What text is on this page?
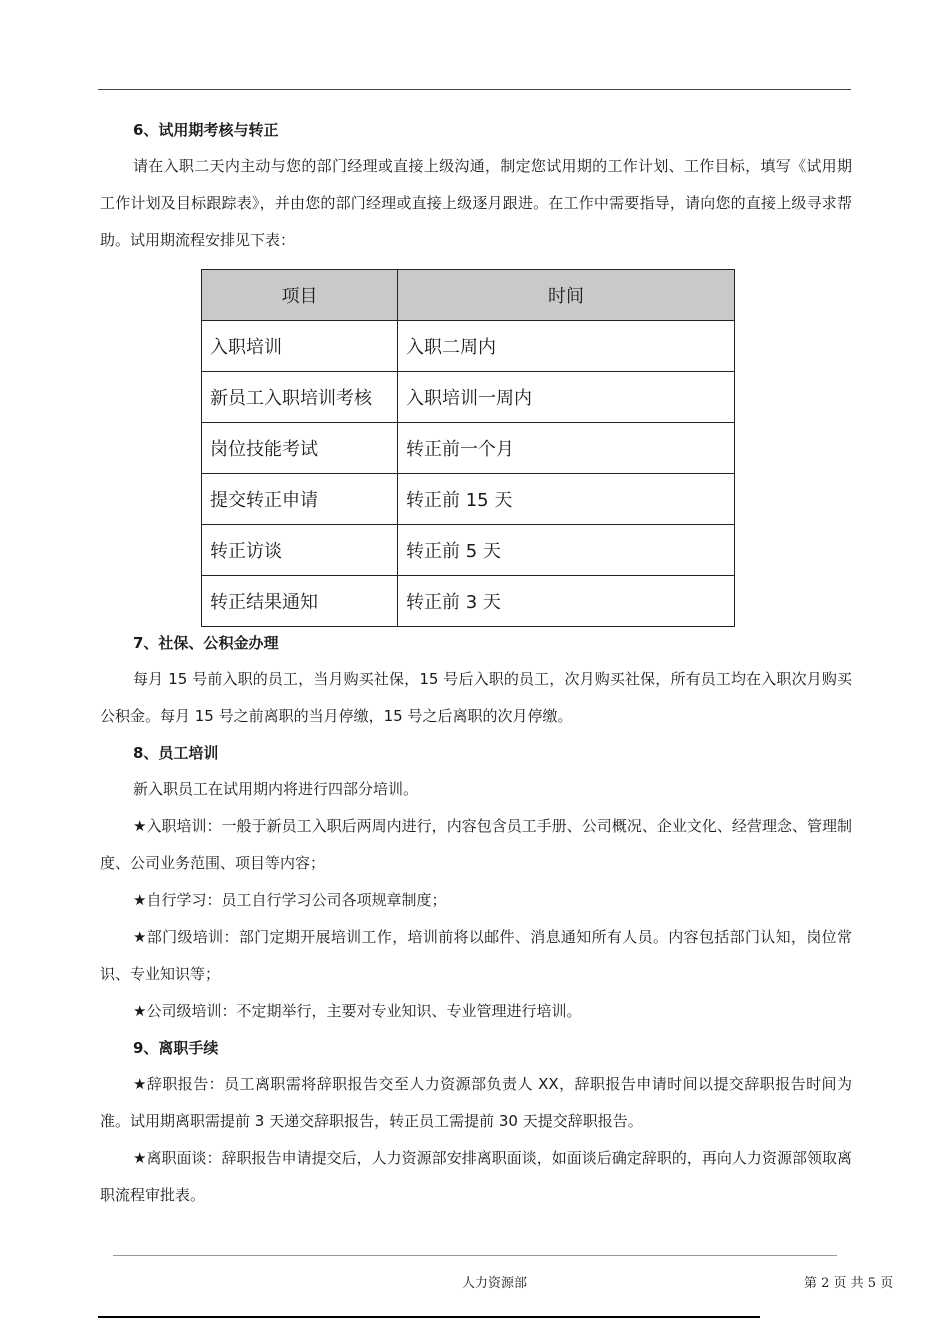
6、试用期考核与转正

请在入职二天内主动与您的部门经理或直接上级沟通，制定您试用期的工作计划、工作目标，填写《试用期工作计划及目标跟踪表》，并由您的部门经理或直接上级逐月跟进。在工作中需要指导，请向您的直接上级寻求帮助。试用期流程安排见下表：

项目	时间
入职培训	入职二周内
新员工入职培训考核	入职培训一周内
岗位技能考试	转正前一个月
提交转正申请	转正前 15 天
转正访谈	转正前 5 天
转正结果通知	转正前 3 天

7、社保、公积金办理

每月 15 号前入职的员工，当月购买社保，15 号后入职的员工，次月购买社保，所有员工均在入职次月购买公积金。每月 15 号之前离职的当月停缴，15 号之后离职的次月停缴。

8、员工培训

新入职员工在试用期内将进行四部分培训。

★入职培训：一般于新员工入职后两周内进行，内容包含员工手册、公司概况、企业文化、经营理念、管理制度、公司业务范围、项目等内容；

★自行学习：员工自行学习公司各项规章制度；

★部门级培训：部门定期开展培训工作，培训前将以邮件、消息通知所有人员。内容包括部门认知，岗位常识、专业知识等；

★公司级培训：不定期举行，主要对专业知识、专业管理进行培训。

9、离职手续

★辞职报告：员工离职需将辞职报告交至人力资源部负责人 XX，辞职报告申请时间以提交辞职报告时间为准。试用期离职需提前 3 天递交辞职报告，转正员工需提前 30 天提交辞职报告。

★离职面谈：辞职报告申请提交后，人力资源部安排离职面谈，如面谈后确定辞职的，再向人力资源部领取离职流程审批表。

人力资源部	第 2 页 共 5 页
